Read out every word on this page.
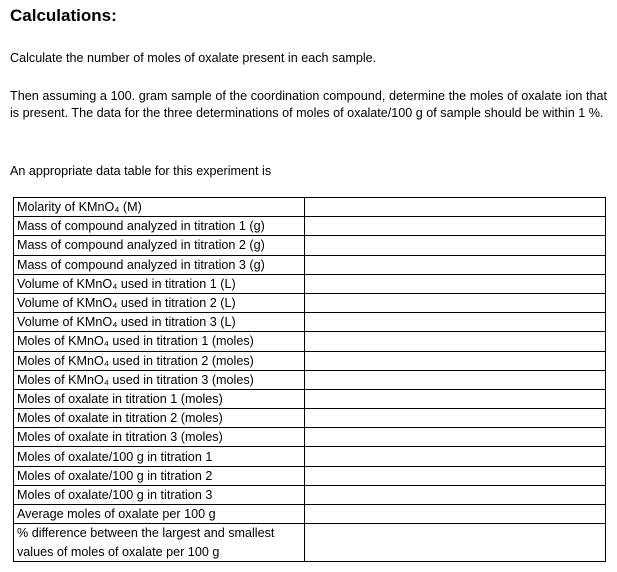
Calculations:

Calculate the number of moles of oxalate present in each sample.

Then assuming a 100. gram sample of the coordination compound, determine the moles of oxalate ion that is present. The data for the three determinations of moles of oxalate/100 g of sample should be within 1 %.

An appropriate data table for this experiment is

Molarity of KMnO₄ (M)	
Mass of compound analyzed in titration 1 (g)	
Mass of compound analyzed in titration 2 (g)	
Mass of compound analyzed in titration 3 (g)	
Volume of KMnO₄ used in titration 1 (L)	
Volume of KMnO₄ used in titration 2 (L)	
Volume of KMnO₄ used in titration 3 (L)	
Moles of KMnO₄ used in titration 1 (moles)	
Moles of KMnO₄ used in titration 2 (moles)	
Moles of KMnO₄ used in titration 3 (moles)	
Moles of oxalate in titration 1 (moles)	
Moles of oxalate in titration 2 (moles)	
Moles of oxalate in titration 3 (moles)	
Moles of oxalate/100 g in titration 1	
Moles of oxalate/100 g in titration 2	
Moles of oxalate/100 g in titration 3	
Average moles of oxalate per 100 g	
% difference between the largest and smallest values of moles of oxalate per 100 g	
